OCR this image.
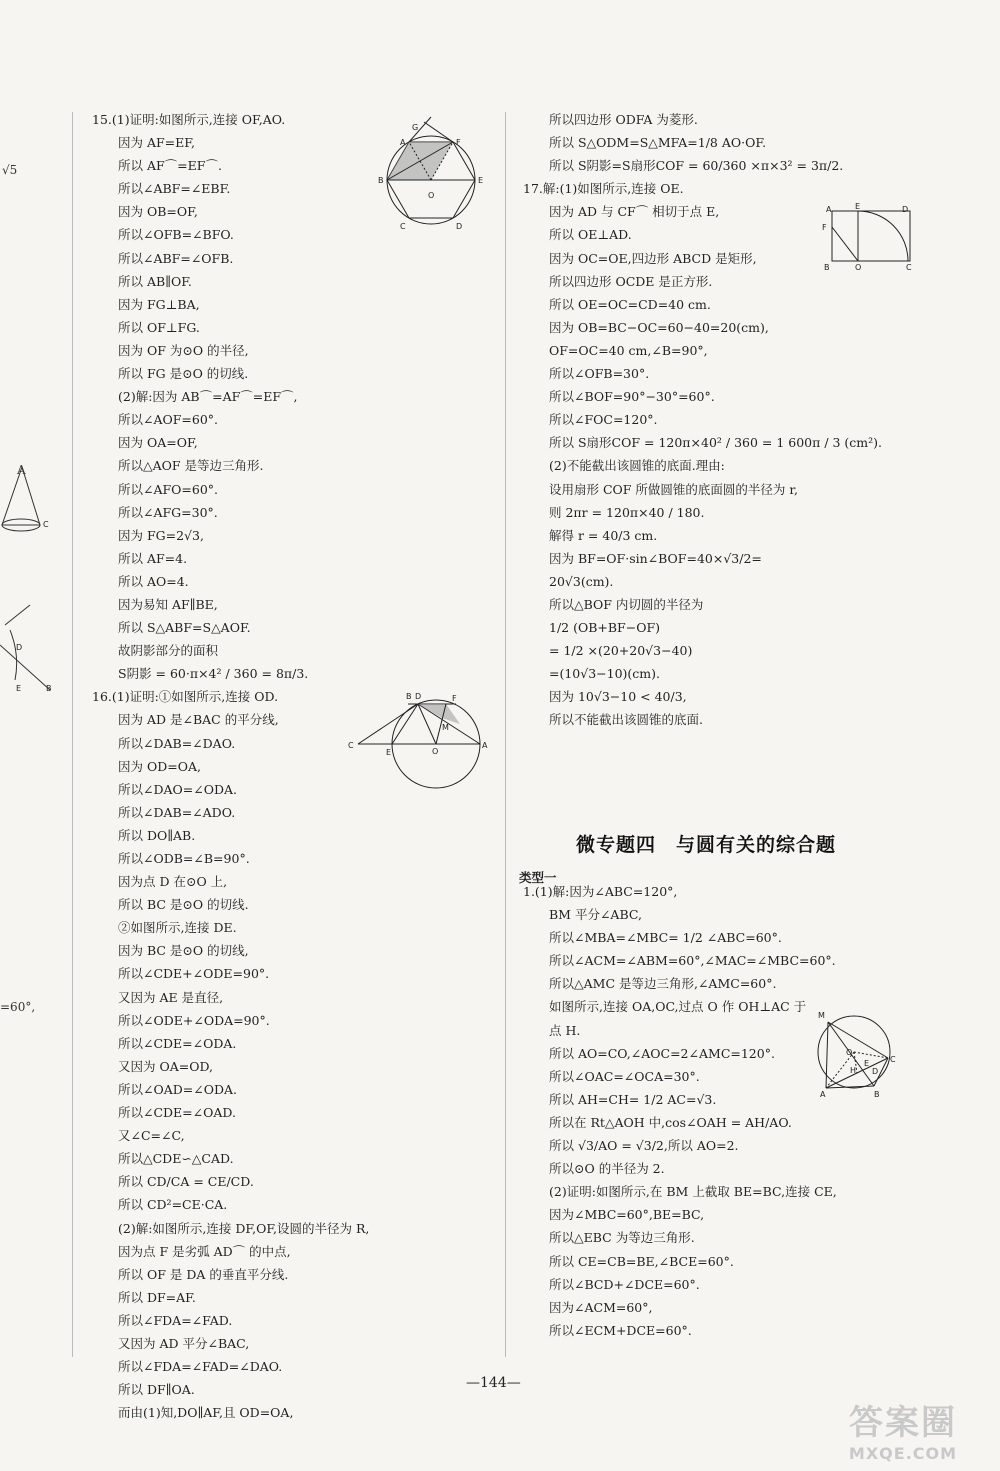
√5
A
=60°,
C
D
E	B
15.(1)证明:如图所示,连接 OF,AO.
因为 AF=EF,
所以 AF⌒=EF⌒.
所以∠ABF=∠EBF.
因为 OB=OF,
所以∠OFB=∠BFO.
所以∠ABF=∠OFB.
所以 AB∥OF.
因为 FG⊥BA,
所以 OF⊥FG.
因为 OF 为⊙O 的半径,
所以 FG 是⊙O 的切线.
(2)解:因为 AB⌒=AF⌒=EF⌒,
所以∠AOF=60°.
因为 OA=OF,
所以△AOF 是等边三角形.
所以∠AFO=60°.
所以∠AFG=30°.
因为 FG=2√3,
所以 AF=4.
所以 AO=4.
因为易知 AF∥BE,
所以 S△ABF=S△AOF.
故阴影部分的面积
S阴影 = 60·π×4² / 360 = 8π/3.
16.(1)证明:①如图所示,连接 OD.
因为 AD 是∠BAC 的平分线,
所以∠DAB=∠DAO.
因为 OD=OA,
所以∠DAO=∠ODA.
所以∠DAB=∠ADO.
所以 DO∥AB.
所以∠ODB=∠B=90°.
因为点 D 在⊙O 上,
所以 BC 是⊙O 的切线.
②如图所示,连接 DE.
因为 BC 是⊙O 的切线,
所以∠CDE+∠ODE=90°.
又因为 AE 是直径,
所以∠ODE+∠ODA=90°.
所以∠CDE=∠ODA.
又因为 OA=OD,
所以∠OAD=∠ODA.
所以∠CDE=∠OAD.
又∠C=∠C,
所以△CDE∽△CAD.
所以 CD/CA = CE/CD.
所以 CD²=CE·CA.
(2)解:如图所示,连接 DF,OF,设圆的半径为 R,
因为点 F 是劣弧 AD⌒ 的中点,
所以 OF 是 DA 的垂直平分线.
所以 DF=AF.
所以∠FDA=∠FAD.
又因为 AD 平分∠BAC,
所以∠FDA=∠FAD=∠DAO.
所以 DF∥OA.
而由(1)知,DO∥AF,且 OD=OA,
G
A	F
B	E
O
C	D
B D	F
C
E	O
M
A
所以四边形 ODFA 为菱形.
所以 S△ODM=S△MFA=1/8 AO·OF.
所以 S阴影=S扇形COF = 60/360 ×π×3² = 3π/2.
17.解:(1)如图所示,连接 OE.
因为 AD 与 CF⌒ 相切于点 E,
所以 OE⊥AD.
因为 OC=OE,四边形 ABCD 是矩形,
所以四边形 OCDE 是正方形.
所以 OE=OC=CD=40 cm.
因为 OB=BC−OC=60−40=20(cm),
OF=OC=40 cm,∠B=90°,
所以∠OFB=30°.
所以∠BOF=90°−30°=60°.
所以∠FOC=120°.
所以 S扇形COF = 120π×40² / 360 = 1 600π / 3 (cm²).
(2)不能截出该圆锥的底面.理由:
设用扇形 COF 所做圆锥的底面圆的半径为 r,
则 2πr = 120π×40 / 180.
解得 r = 40/3 cm.
因为 BF=OF·sin∠BOF=40×√3/2=
20√3(cm).
所以△BOF 内切圆的半径为
1/2 (OB+BF−OF)
= 1/2 ×(20+20√3−40)
=(10√3−10)(cm).
因为 10√3−10 < 40/3,
所以不能截出该圆锥的底面.
A	E	D
F
B	O	C
微专题四　与圆有关的综合题
类型一
1.(1)解:因为∠ABC=120°,
BM 平分∠ABC,
所以∠MBA=∠MBC= 1/2 ∠ABC=60°.
所以∠ACM=∠ABM=60°,∠MAC=∠MBC=60°.
所以△AMC 是等边三角形,∠AMC=60°.
如图所示,连接 OA,OC,过点 O 作 OH⊥AC 于
点 H.
所以 AO=CO,∠AOC=2∠AMC=120°.
所以∠OAC=∠OCA=30°.
所以 AH=CH= 1/2 AC=√3.
所以在 Rt△AOH 中,cos∠OAH = AH/AO.
所以 √3/AO = √3/2,所以 AO=2.
所以⊙O 的半径为 2.
(2)证明:如图所示,在 BM 上截取 BE=BC,连接 CE,
因为∠MBC=60°,BE=BC,
所以△EBC 为等边三角形.
所以 CE=CB=BE,∠BCE=60°.
所以∠BCD+∠DCE=60°.
因为∠ACM=60°,
所以∠ECM+DCE=60°.
M
O
C
H
E
D
A	B
—144—
答案圈
MXQE.COM
